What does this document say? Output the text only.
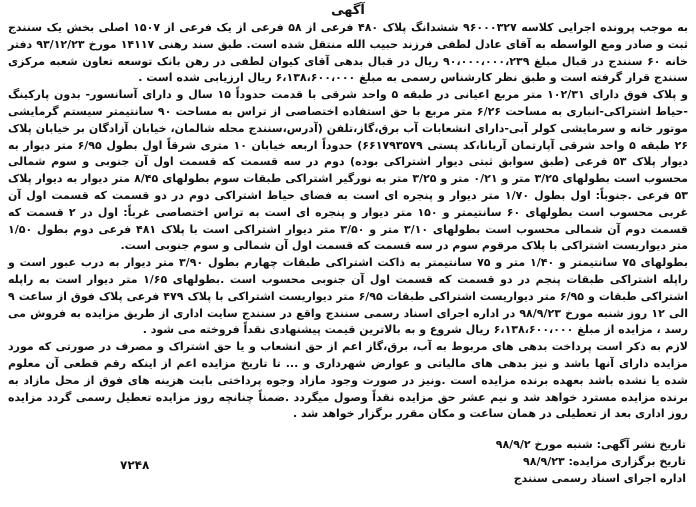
آگهی

به موجب پرونده اجرایی کلاسه ۹۶۰۰۰۳۲۷ ششدانگ پلاک ۴۸۰ فرعی از ۵۸ فرعی از یک فرعی از ۱۵۰۷ اصلی بخش یک سنندج ثبت و صادر ومع الواسطه به آقای عادل لطفی فرزند حبیب الله منتقل شده است. طبق سند رهنی ۱۴۱۱۷ مورخ ۹۳/۱۲/۲۳ دفتر خانه ۶۰ سنندج در قبال مبلغ ۹۰،۰۰۰،۰۰۰،۲۳۹ ریال در قبال بدهی آقای کیوان لطفی در رهن بانک توسعه تعاون شعبه مرکزی سنندج قرار گرفته است و طبق نظر کارشناس رسمی به مبلغ ۶،۱۳۸،۶۰۰،۰۰۰ ریال ارزیابی شده است .

و پلاک فوق دارای ۱۰۲/۳۱ متر مربع اعیانی در طبقه ۵ واحد شرقی با قدمت حدوداً ۱۵ سال و دارای آسانسور- بدون پارکینگ -حیاط اشتراکی-انباری به مساحت ۶/۲۶ متر مربع با حق استفاده اختصاصی از تراس به مساحت ۹۰ سانتیمتر سیستم گرمایشی موتور خانه و سرمایشی کولر آبی-دارای انشعابات آب برق،گاز،تلفن (آدرس،سنندج محله شالمان، خیابان آزادگان بر خیابان پلاک ۲۶ طبقه ۵ واحد شرقی آپارتمان آریانا،کد پستی ۶۶۱۷۹۳۵۷۹) حدوداً اربعه خیابان ۱۰ متری شرقاً اول بطول ۶/۹۵ متر دیوار به دیوار پلاک ۵۳ فرعی (طبق سوابق ثبتی دیوار اشتراکی بوده) دوم در سه قسمت که قسمت اول آن جنوبی و سوم شمالی محسوب است بطولهای ۳/۲۵ متر و ۰/۲۱ متر و ۳/۲۵ متر به نورگیر اشتراکی طبقات سوم بطولهای ۸/۴۵ متر دیوار به دیوار پلاک ۵۳ فرعی .جنوباً: اول بطول ۱/۷۰ متر دیوار و پنجره ای است به فضای حیاط اشتراکی دوم در دو قسمت که قسمت اول آن غربی محسوب است بطولهای ۶۰ سانتیمتر و ۱۵۰ متر دیوار و پنجره ای است به تراس اختصاصی غرباً: اول در ۲ قسمت که قسمت دوم آن شمالی محسوب است بطولهای ۳/۱۰ متر و ۳/۵۰ متر دیوار اشتراکی است با پلاک ۴۸۱ فرعی دوم بطول ۱/۵۰ متر دیواریست اشتراکی با پلاک مرقوم سوم در سه قسمت که قسمت اول آن شمالی و سوم جنوبی است.

بطولهای ۷۵ سانتیمتر و ۱/۴۰ متر و ۷۵ سانتیمتر به ذاکت اشتراکی طبقات چهارم بطول ۳/۹۰ متر دیوار به درب عبور است و راپله اشتراکی طبقات پنجم در دو قسمت که قسمت اول آن جنوبی محسوب است .بطولهای ۱/۶۵ متر دیوار است به راپله اشتراکی طبقات و ۶/۹۵ متر دیواریست اشتراکی طبقات ۶/۹۵ متر دیواریست اشتراکی با پلاک ۴۷۹ فرعی پلاک فوق از ساعت ۹ الی ۱۲ روز شنبه مورخ ۹۸/۹/۲۳ در اداره اجرای اسناد رسمی سنندج واقع در سنندج سایت اداری از طریق مزایده به فروش می رسد ، مزایده از مبلغ ۶،۱۳۸،۶۰۰،۰۰۰ ریال شروع و به بالاترین قیمت پیشنهادی نقداً فروخته می شود .

لازم به ذکر است پرداخت بدهی های مربوط به آب، برق،گاز اعم از حق انشعاب و یا حق اشتراک و مصرف در صورتی که مورد مزایده دارای آنها باشد و نیز بدهی های مالیاتی و عوارض شهرداری و ... تا تاریخ مزایده اعم از اینکه رقم قطعی آن معلوم شده یا نشده باشد بعهده برنده مزایده است .ونیز در صورت وجود مازاد وجوه پرداختی بابت هزینه های فوق از محل مازاد به برنده مزایده مسترد خواهد شد و نیم عشر حق مزایده نقداً وصول میگردد .ضمناً چنانچه روز مزایده تعطیل رسمی گردد مزایده روز اداری بعد از تعطیلی در همان ساعت و مکان مقرر برگزار خواهد شد .

تاریخ نشر آگهی: شنبه مورخ ۹۸/۹/۲
تاریخ برگزاری مزایده: ۹۸/۹/۲۳
اداره اجرای اسناد رسمی سنندج
۷۲۴۸
